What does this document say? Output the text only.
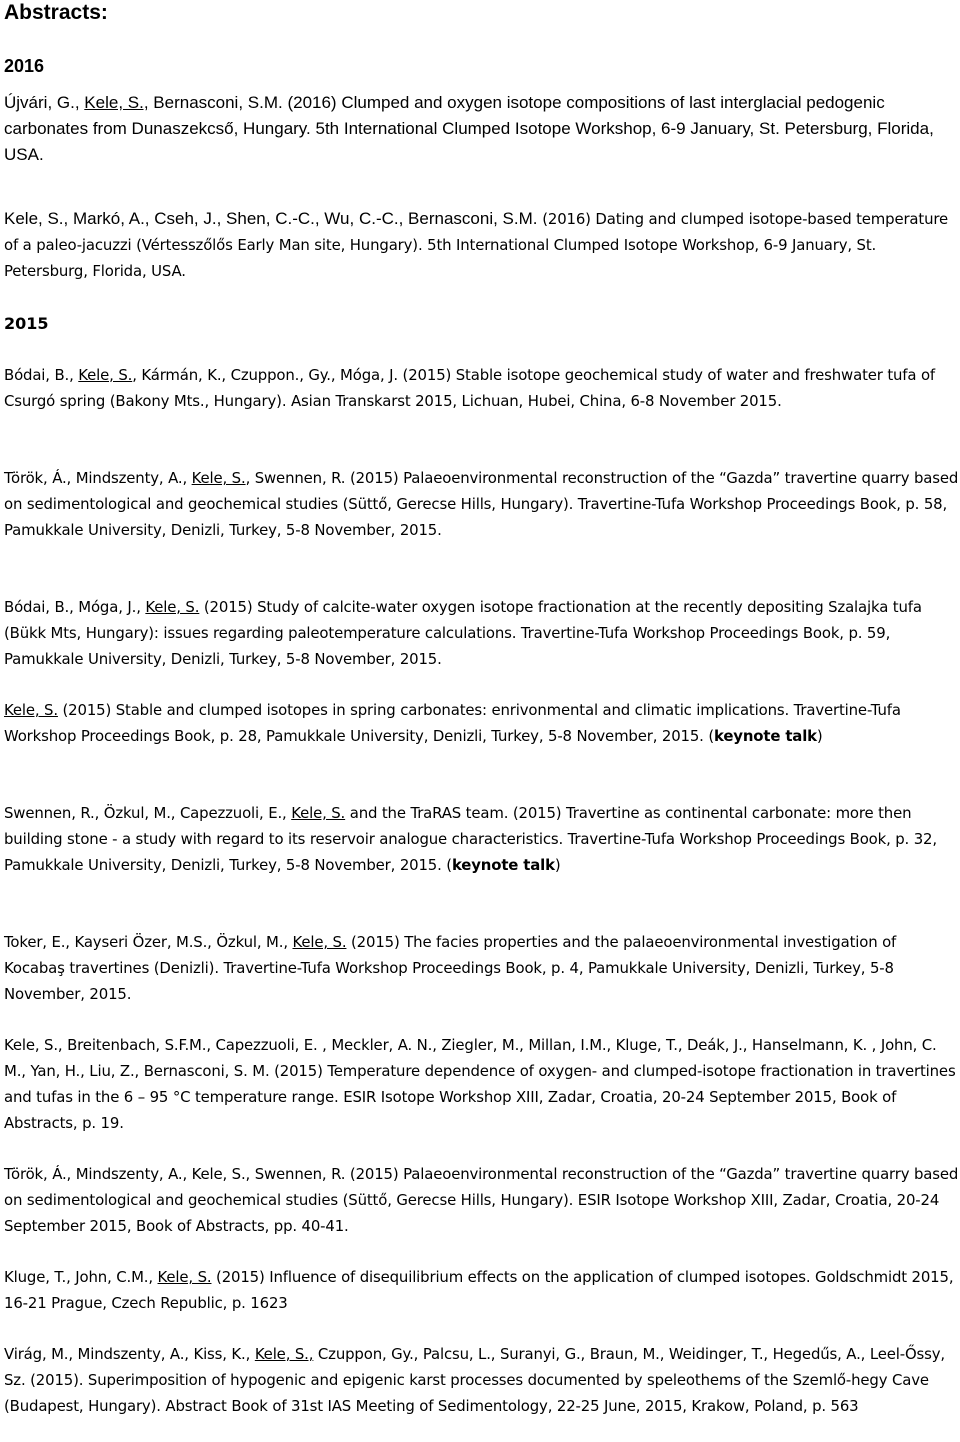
Abstracts:
2016

Újvári, G., Kele, S., Bernasconi, S.M. (2016) Clumped and oxygen isotope compositions of last interglacial pedogenic carbonates from Dunaszekcső, Hungary. 5th International Clumped Isotope Workshop, 6-9 January, St. Petersburg, Florida, USA.

Kele, S., Markó, A., Cseh, J., Shen, C.-C., Wu, C.-C., Bernasconi, S.M. (2016) Dating and clumped isotope-based temperature of a paleo-jacuzzi (Vértesszőlős Early Man site, Hungary). 5th International Clumped Isotope Workshop, 6-9 January, St. Petersburg, Florida, USA.

2015

Bódai, B., Kele, S., Kármán, K., Czuppon., Gy., Móga, J. (2015) Stable isotope geochemical study of water and freshwater tufa of Csurgó spring (Bakony Mts., Hungary). Asian Transkarst 2015, Lichuan, Hubei, China, 6-8 November 2015.

Török, Á., Mindszenty, A., Kele, S., Swennen, R. (2015) Palaeoenvironmental reconstruction of the “Gazda” travertine quarry based on sedimentological and geochemical studies (Süttő, Gerecse Hills, Hungary). Travertine-Tufa Workshop Proceedings Book, p. 58, Pamukkale University, Denizli, Turkey, 5-8 November, 2015.

Bódai, B., Móga, J., Kele, S. (2015) Study of calcite-water oxygen isotope fractionation at the recently depositing Szalajka tufa (Bükk Mts, Hungary): issues regarding paleotemperature calculations. Travertine-Tufa Workshop Proceedings Book, p. 59, Pamukkale University, Denizli, Turkey, 5-8 November, 2015.

Kele, S. (2015) Stable and clumped isotopes in spring carbonates: enrivonmental and climatic implications. Travertine-Tufa Workshop Proceedings Book, p. 28, Pamukkale University, Denizli, Turkey, 5-8 November, 2015. (keynote talk)

Swennen, R., Özkul, M., Capezzuoli, E., Kele, S. and the TraRAS team. (2015) Travertine as continental carbonate: more then building stone - a study with regard to its reservoir analogue characteristics. Travertine-Tufa Workshop Proceedings Book, p. 32, Pamukkale University, Denizli, Turkey, 5-8 November, 2015. (keynote talk)

Toker, E., Kayseri Özer, M.S., Özkul, M., Kele, S. (2015) The facies properties and the palaeoenvironmental investigation of Kocabaş travertines (Denizli). Travertine-Tufa Workshop Proceedings Book, p. 4, Pamukkale University, Denizli, Turkey, 5-8 November, 2015.

Kele, S., Breitenbach, S.F.M., Capezzuoli, E. , Meckler, A. N., Ziegler, M., Millan, I.M., Kluge, T., Deák, J., Hanselmann, K. , John, C. M., Yan, H., Liu, Z., Bernasconi, S. M. (2015) Temperature dependence of oxygen- and clumped-isotope fractionation in travertines and tufas in the 6 – 95 °C temperature range. ESIR Isotope Workshop XIII, Zadar, Croatia, 20-24 September 2015, Book of Abstracts, p. 19.

Török, Á., Mindszenty, A., Kele, S., Swennen, R. (2015) Palaeoenvironmental reconstruction of the “Gazda” travertine quarry based on sedimentological and geochemical studies (Süttő, Gerecse Hills, Hungary). ESIR Isotope Workshop XIII, Zadar, Croatia, 20-24 September 2015, Book of Abstracts, pp. 40-41.

Kluge, T., John, C.M., Kele, S. (2015) Influence of disequilibrium effects on the application of clumped isotopes. Goldschmidt 2015, 16-21 Prague, Czech Republic, p. 1623

Virág, M., Mindszenty, A., Kiss, K., Kele, S., Czuppon, Gy., Palcsu, L., Suranyi, G., Braun, M., Weidinger, T., Hegedűs, A., Leel-Őssy, Sz. (2015). Superimposition of hypogenic and epigenic karst processes documented by speleothems of the Szemlő-hegy Cave (Budapest, Hungary). Abstract Book of 31st IAS Meeting of Sedimentology, 22-25 June, 2015, Krakow, Poland, p. 563
